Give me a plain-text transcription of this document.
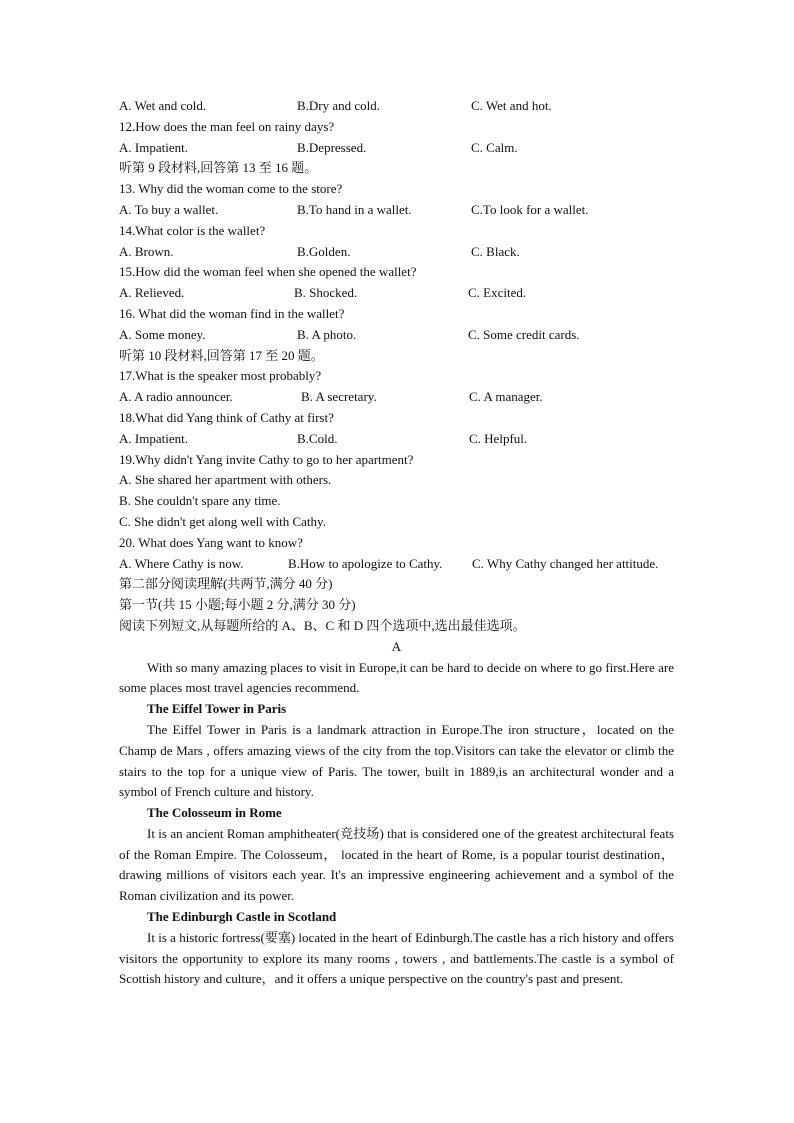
A. Wet and cold.	B.Dry and cold.	C. Wet and hot.
12.How does the man feel on rainy days?
A. Impatient.	B.Depressed.	C. Calm.
听第 9 段材料,回答第 13 至 16 题。
13. Why did the woman come to the store?
A. To buy a wallet.	B.To hand in a wallet.	C.To look for a wallet.
14.What color is the wallet?
A. Brown.	B.Golden.	C. Black.
15.How did the woman feel when she opened the wallet?
A. Relieved.	B. Shocked.	C. Excited.
16. What did the woman find in the wallet?
A. Some money.	B. A photo.	C. Some credit cards.
听第 10 段材料,回答第 17 至 20 题。
17.What is the speaker most probably?
A. A radio announcer.	B. A secretary.	C. A manager.
18.What did Yang think of Cathy at first?
A. Impatient.	B.Cold.	C. Helpful.
19.Why didn't Yang invite Cathy to go to her apartment?
A. She shared her apartment with others.
B. She couldn't spare any time.
C. She didn't get along well with Cathy.
20. What does Yang want to know?
A. Where Cathy is now.	B.How to apologize to Cathy. C. Why Cathy changed her attitude.
第二部分阅读理解(共两节,满分 40 分)
第一节(共 15 小题;每小题 2 分,满分 30 分)
阅读下列短文,从每题所给的 A、B、C 和 D 四个选项中,选出最佳选项。
A

With so many amazing places to visit in Europe,it can be hard to decide on where to go first.Here are some places most travel agencies recommend.

The Eiffel Tower in Paris

The Eiffel Tower in Paris is a landmark attraction in Europe.The iron structure，located on the Champ de Mars , offers amazing views of the city from the top.Visitors can take the elevator or climb the stairs to the top for a unique view of Paris. The tower, built in 1889,is an architectural wonder and a symbol of French culture and history.

The Colosseum in Rome

It is an ancient Roman amphitheater(竞技场) that is considered one of the greatest architectural feats of the Roman Empire. The Colosseum， located in the heart of Rome, is a popular tourist destination， drawing millions of visitors each year. It's an impressive engineering achievement and a symbol of the Roman civilization and its power.

The Edinburgh Castle in Scotland

It is a historic fortress(要塞) located in the heart of Edinburgh.The castle has a rich history and offers visitors the opportunity to explore its many rooms , towers , and battlements.The castle is a symbol of Scottish history and culture，and it offers a unique perspective on the country's past and present.
